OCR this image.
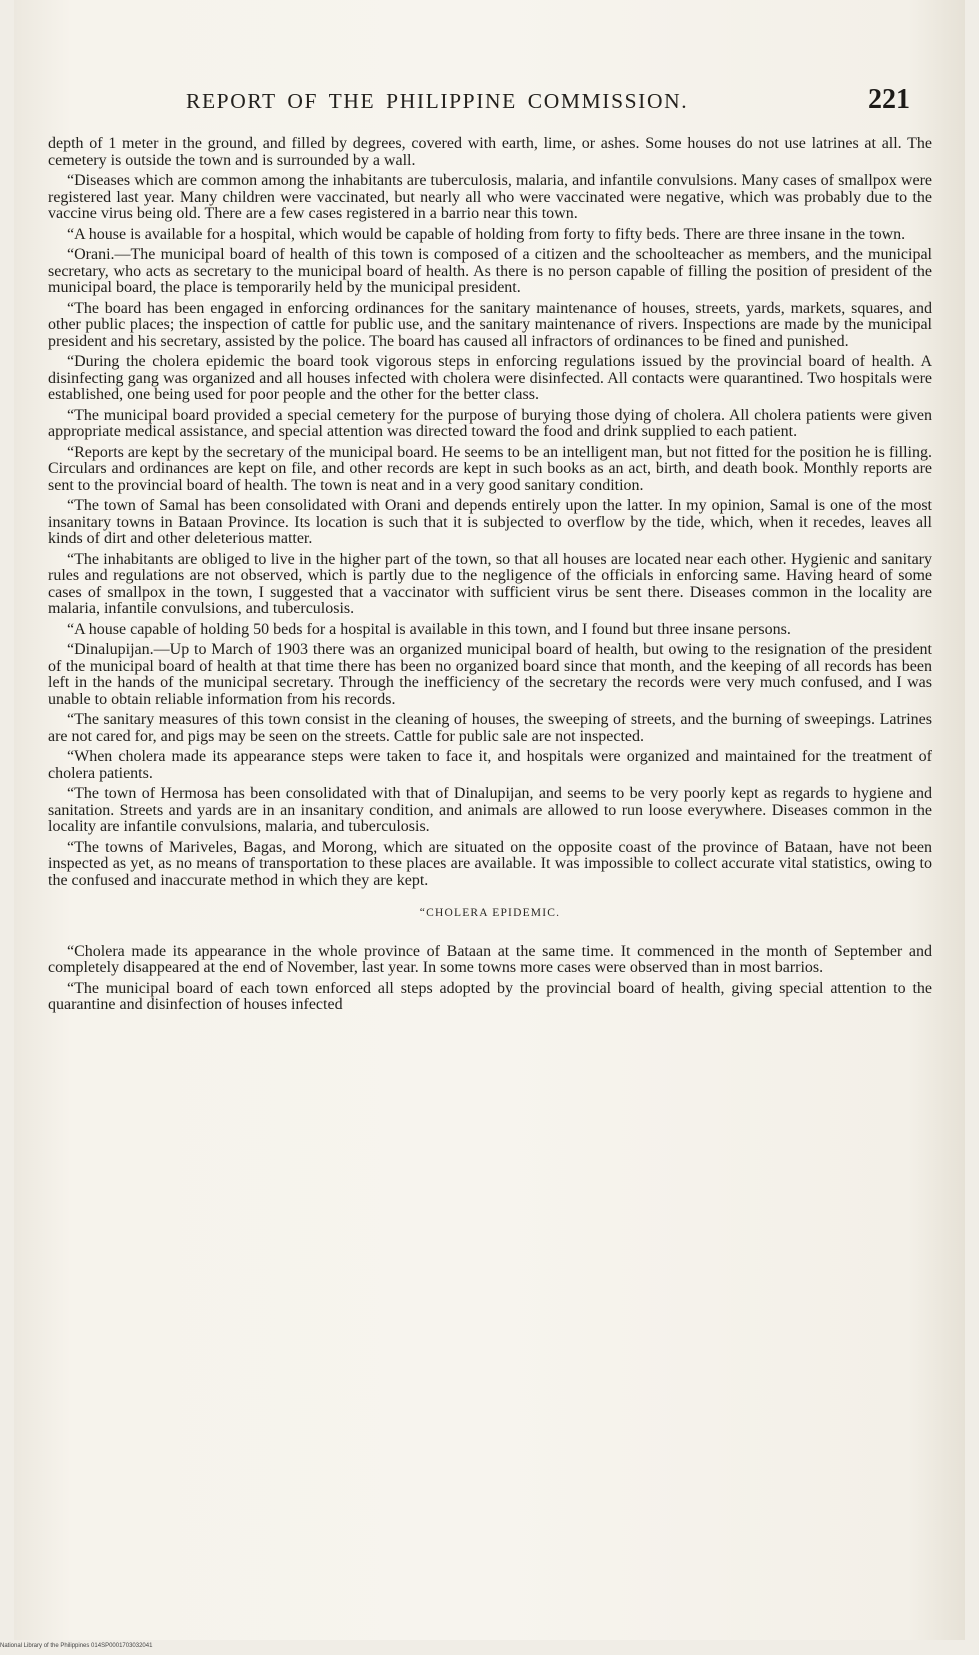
REPORT OF THE PHILIPPINE COMMISSION.	221

depth of 1 meter in the ground, and filled by degrees, covered with earth, lime, or ashes. Some houses do not use latrines at all. The cemetery is outside the town and is surrounded by a wall.

“Diseases which are common among the inhabitants are tuberculosis, malaria, and infantile convulsions. Many cases of smallpox were registered last year. Many children were vaccinated, but nearly all who were vaccinated were negative, which was probably due to the vaccine virus being old. There are a few cases registered in a barrio near this town.

“A house is available for a hospital, which would be capable of holding from forty to fifty beds. There are three insane in the town.

“Orani.—The municipal board of health of this town is composed of a citizen and the schoolteacher as members, and the municipal secretary, who acts as secretary to the municipal board of health. As there is no person capable of filling the position of president of the municipal board, the place is temporarily held by the municipal president.

“The board has been engaged in enforcing ordinances for the sanitary maintenance of houses, streets, yards, markets, squares, and other public places; the inspection of cattle for public use, and the sanitary maintenance of rivers. Inspections are made by the municipal president and his secretary, assisted by the police. The board has caused all infractors of ordinances to be fined and punished.

“During the cholera epidemic the board took vigorous steps in enforcing regulations issued by the provincial board of health. A disinfecting gang was organized and all houses infected with cholera were disinfected. All contacts were quarantined. Two hospitals were established, one being used for poor people and the other for the better class.

“The municipal board provided a special cemetery for the purpose of burying those dying of cholera. All cholera patients were given appropriate medical assistance, and special attention was directed toward the food and drink supplied to each patient.

“Reports are kept by the secretary of the municipal board. He seems to be an intelligent man, but not fitted for the position he is filling. Circulars and ordinances are kept on file, and other records are kept in such books as an act, birth, and death book. Monthly reports are sent to the provincial board of health. The town is neat and in a very good sanitary condition.

“The town of Samal has been consolidated with Orani and depends entirely upon the latter. In my opinion, Samal is one of the most insanitary towns in Bataan Province. Its location is such that it is subjected to overflow by the tide, which, when it recedes, leaves all kinds of dirt and other deleterious matter.

“The inhabitants are obliged to live in the higher part of the town, so that all houses are located near each other. Hygienic and sanitary rules and regulations are not observed, which is partly due to the negligence of the officials in enforcing same. Having heard of some cases of smallpox in the town, I suggested that a vaccinator with sufficient virus be sent there. Diseases common in the locality are malaria, infantile convulsions, and tuberculosis.

“A house capable of holding 50 beds for a hospital is available in this town, and I found but three insane persons.

“Dinalupijan.—Up to March of 1903 there was an organized municipal board of health, but owing to the resignation of the president of the municipal board of health at that time there has been no organized board since that month, and the keeping of all records has been left in the hands of the municipal secretary. Through the inefficiency of the secretary the records were very much confused, and I was unable to obtain reliable information from his records.

“The sanitary measures of this town consist in the cleaning of houses, the sweeping of streets, and the burning of sweepings. Latrines are not cared for, and pigs may be seen on the streets. Cattle for public sale are not inspected.

“When cholera made its appearance steps were taken to face it, and hospitals were organized and maintained for the treatment of cholera patients.

“The town of Hermosa has been consolidated with that of Dinalupijan, and seems to be very poorly kept as regards to hygiene and sanitation. Streets and yards are in an insanitary condition, and animals are allowed to run loose everywhere. Diseases common in the locality are infantile convulsions, malaria, and tuberculosis.

“The towns of Mariveles, Bagas, and Morong, which are situated on the opposite coast of the province of Bataan, have not been inspected as yet, as no means of transportation to these places are available. It was impossible to collect accurate vital statistics, owing to the confused and inaccurate method in which they are kept.

“CHOLERA EPIDEMIC.

“Cholera made its appearance in the whole province of Bataan at the same time. It commenced in the month of September and completely disappeared at the end of November, last year. In some towns more cases were observed than in most barrios.

“The municipal board of each town enforced all steps adopted by the provincial board of health, giving special attention to the quarantine and disinfection of houses infected

National Library of the Philippines 014SP0001703032041
